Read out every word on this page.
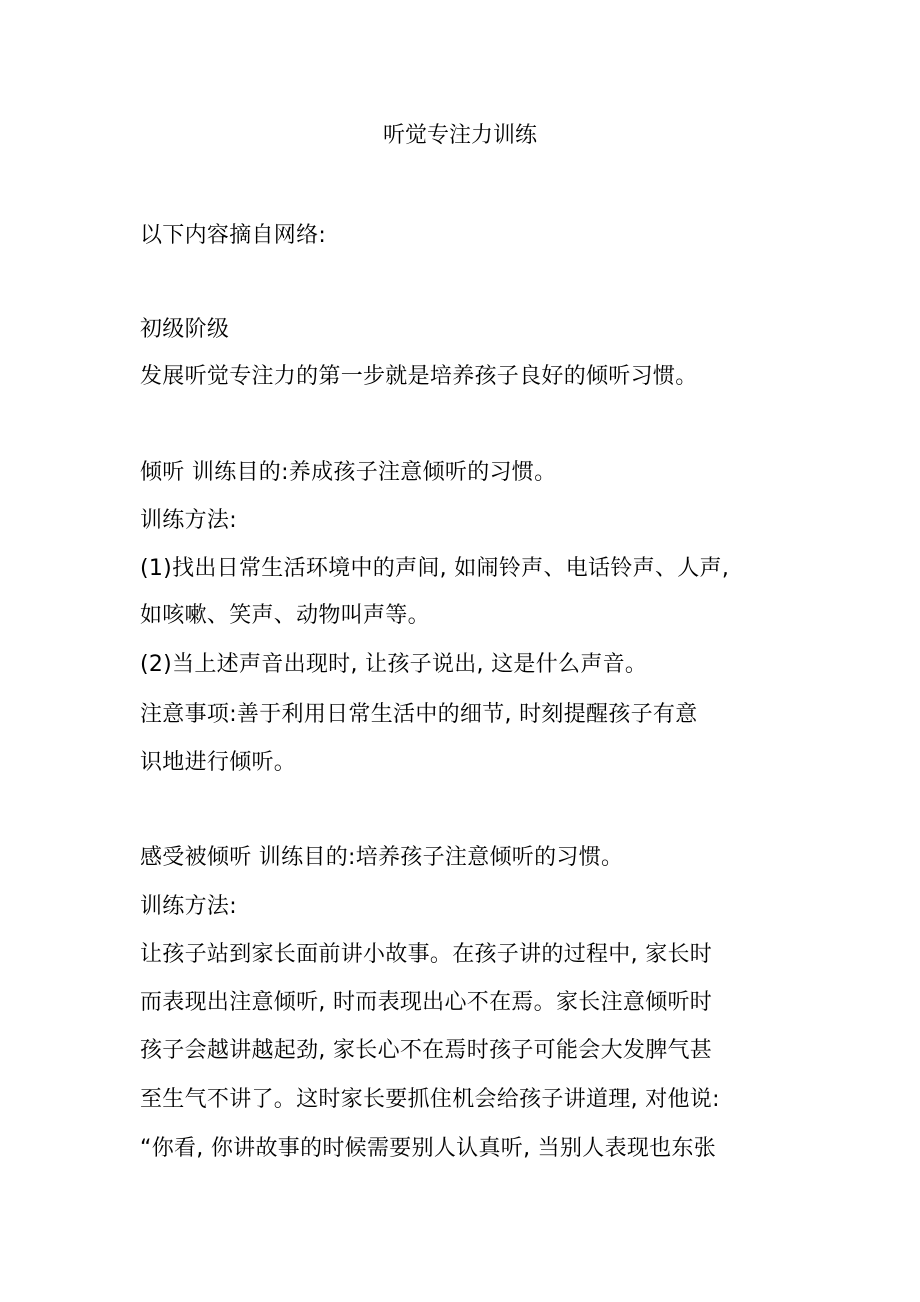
听觉专注力训练
以下内容摘自网络:
初级阶级
发展听觉专注力的第一步就是培养孩子良好的倾听习惯。
倾听 训练目的:养成孩子注意倾听的习惯。
训练方法:
(1)找出日常生活环境中的声间, 如闹铃声、电话铃声、人声,
如咳嗽、笑声、动物叫声等。
(2)当上述声音出现时, 让孩子说出, 这是什么声音。
注意事项:善于利用日常生活中的细节, 时刻提醒孩子有意
识地进行倾听。
感受被倾听 训练目的:培养孩子注意倾听的习惯。
训练方法:
让孩子站到家长面前讲小故事。在孩子讲的过程中, 家长时
而表现出注意倾听, 时而表现出心不在焉。家长注意倾听时
孩子会越讲越起劲, 家长心不在焉时孩子可能会大发脾气甚
至生气不讲了。这时家长要抓住机会给孩子讲道理, 对他说:
“你看, 你讲故事的时候需要别人认真听, 当别人表现也东张
